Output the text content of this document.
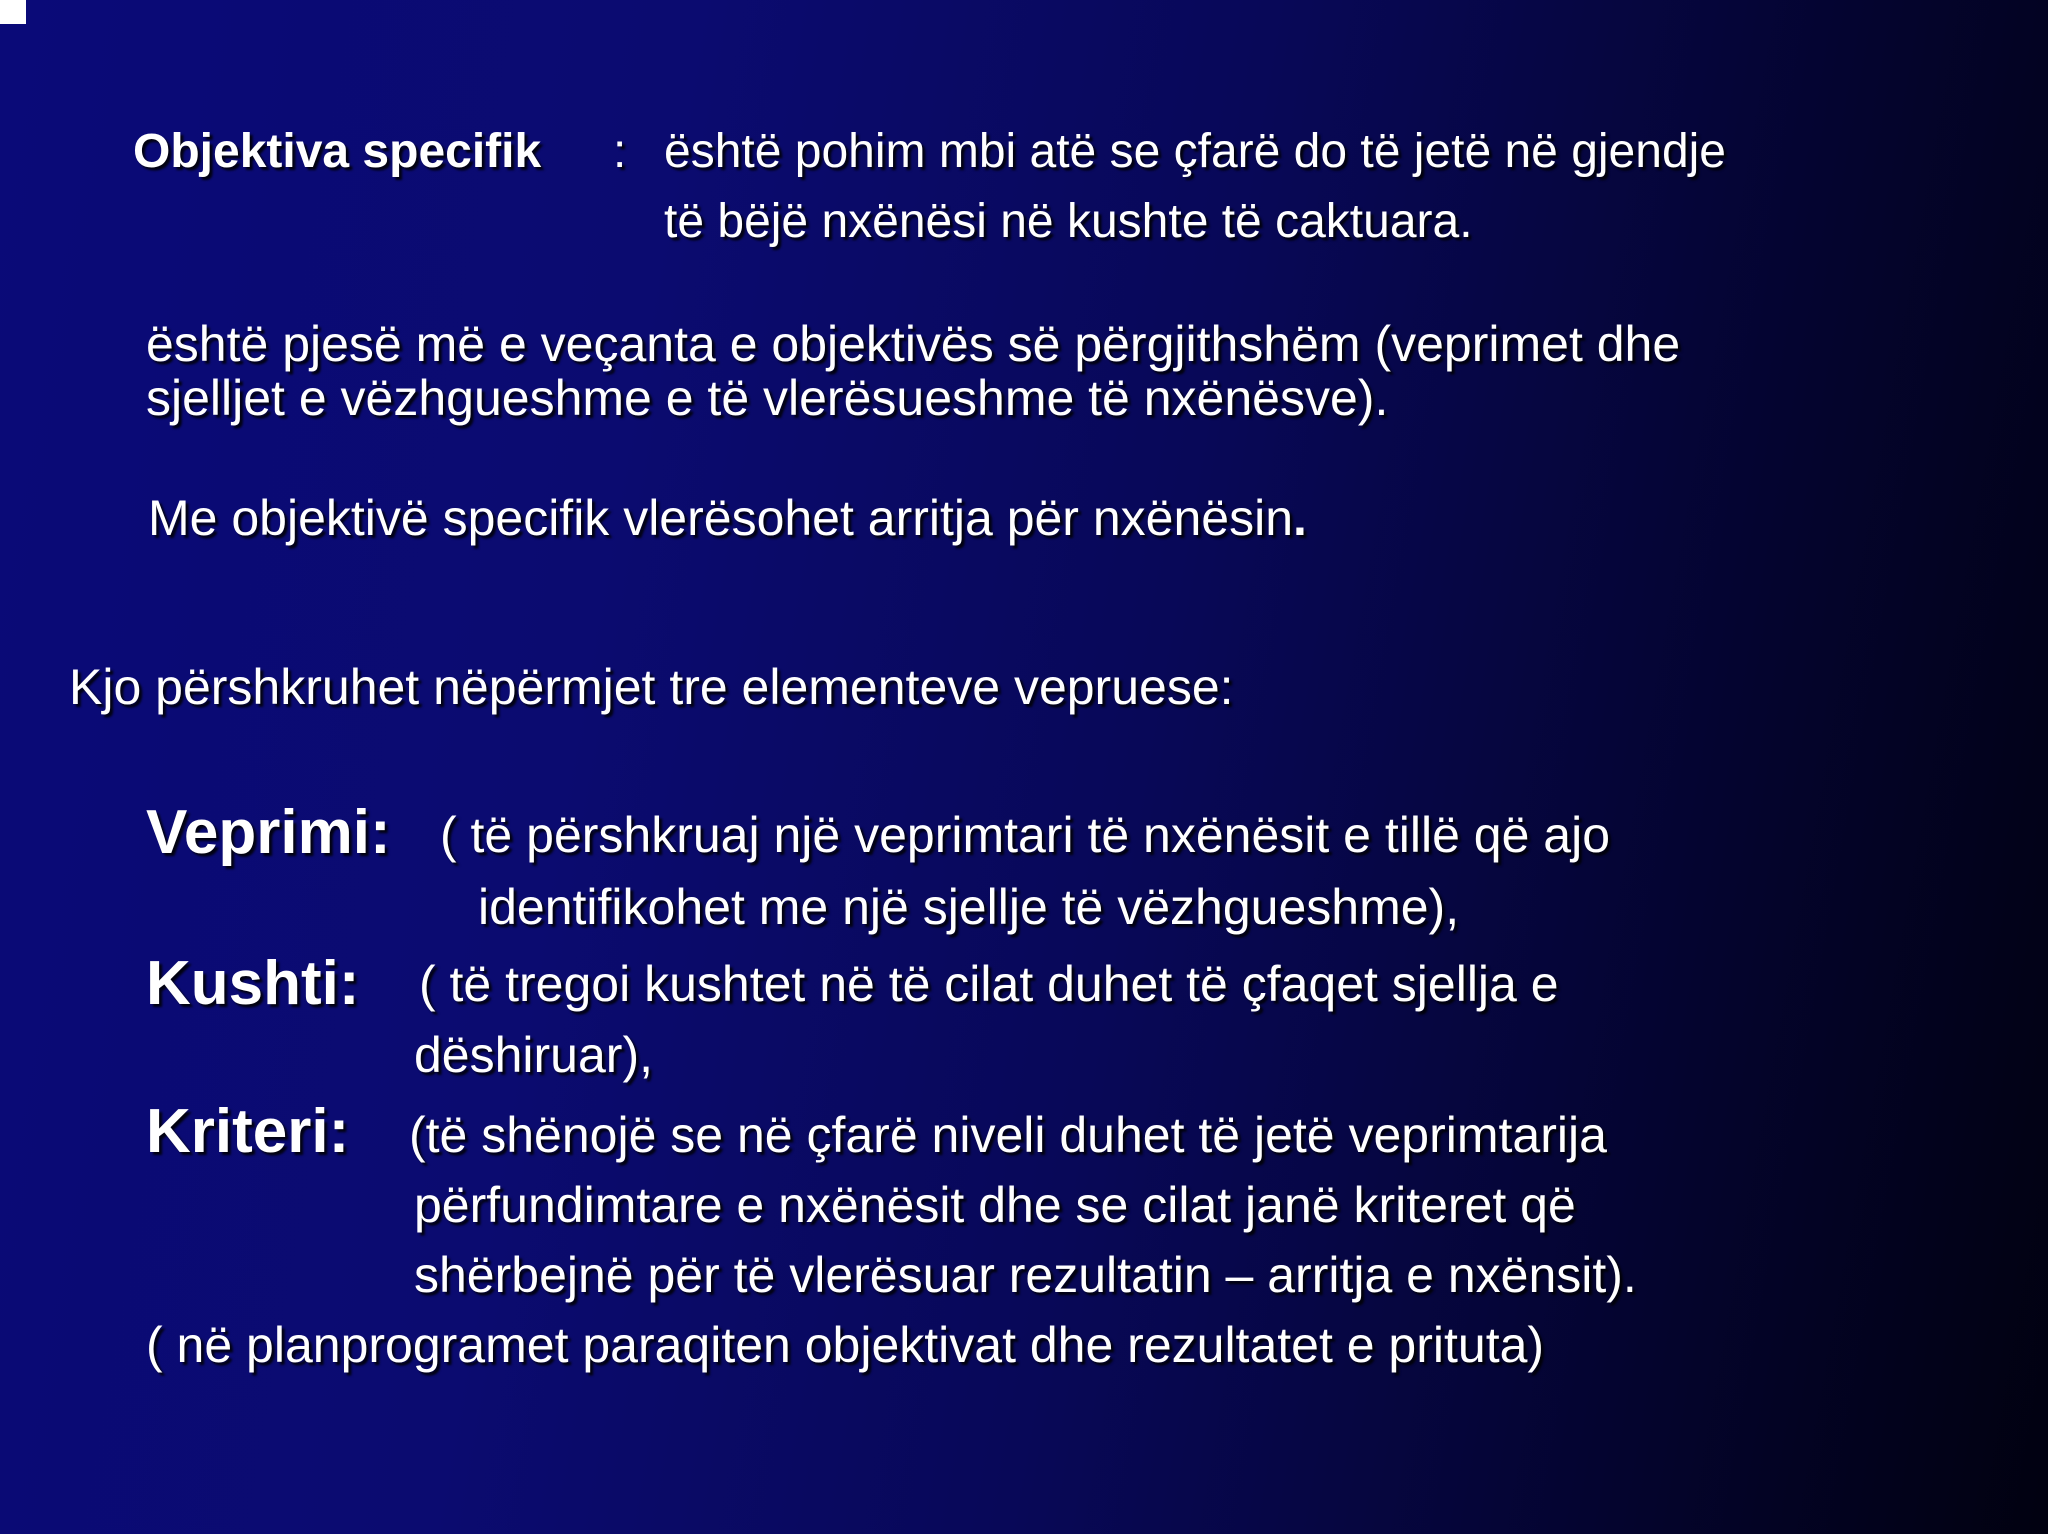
Objektiva specifik : është pohim mbi atë se çfarë do të jetë në gjendje
të bëjë nxënësi në kushte të caktuara.
është pjesë më e veçanta e objektivës së përgjithshëm (veprimet dhe
sjelljet e vëzhgueshme e të vlerësueshme të nxënësve).
Me objektivë specifik vlerësohet arritja për nxënësin.
Kjo përshkruhet nëpërmjet tre elementeve vepruese:
Veprimi: ( të përshkruaj një veprimtari të nxënësit e tillë që ajo
identifikohet me një sjellje të vëzhgueshme),
Kushti: ( të tregoi kushtet në të cilat duhet të çfaqet sjellja e
dëshiruar),
Kriteri: (të shënojë se në çfarë niveli duhet të jetë veprimtarija
përfundimtare e nxënësit dhe se cilat janë kriteret që
shërbejnë për të vlerësuar rezultatin – arritja e nxënsit).
( në planprogramet paraqiten objektivat dhe rezultatet e prituta)
